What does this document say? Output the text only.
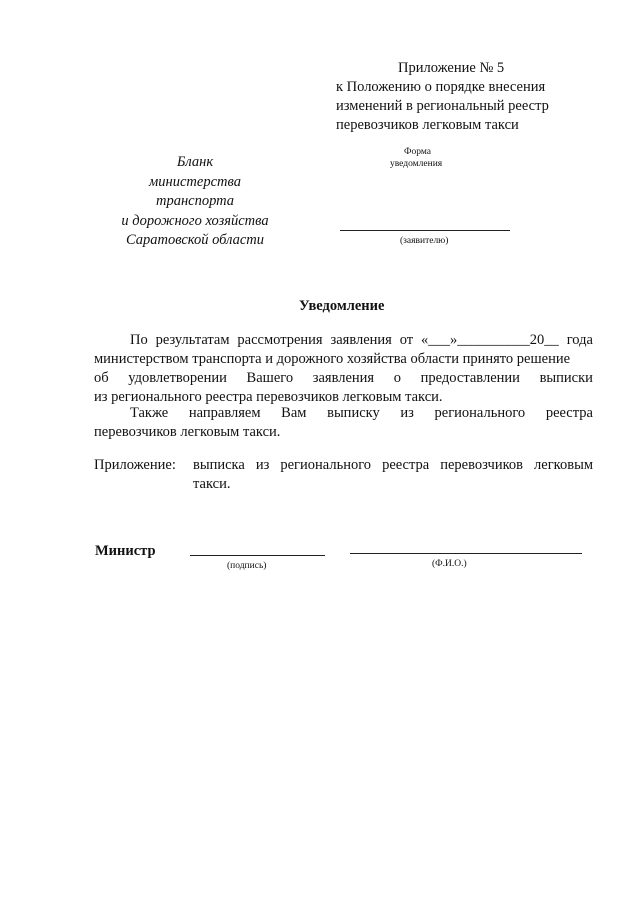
Приложение № 5
к Положению о порядке внесения
изменений в региональный реестр
перевозчиков легковым такси
Форма
уведомления
Бланк
министерства
транспорта
и дорожного хозяйства
Саратовской области	(заявителю)
Уведомление
По результатам рассмотрения заявления от «___»__________20__ года
министерством транспорта и дорожного хозяйства области принято решение
об удовлетворении Вашего заявления о предоставлении выписки
из регионального реестра перевозчиков легковым такси.
Также направляем Вам выписку из регионального реестра
перевозчиков легковым такси.
Приложение: выписка из регионального реестра перевозчиков легковым
такси.
Министр
(подпись)	(Ф.И.О.)
